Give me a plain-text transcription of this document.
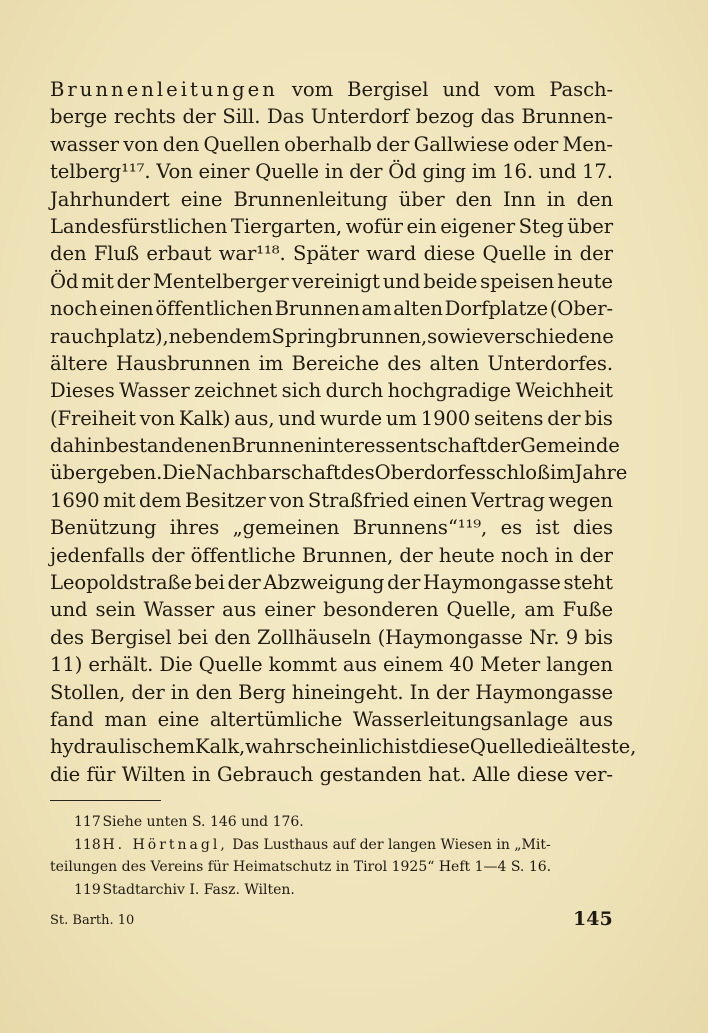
Brunnenleitungen vom Bergisel und vom Pasch-
berge rechts der Sill. Das Unterdorf bezog das Brunnen-
wasser von den Quellen oberhalb der Gallwiese oder Men-
telberg¹¹⁷. Von einer Quelle in der Öd ging im 16. und 17.
Jahrhundert eine Brunnenleitung über den Inn in den
Landesfürstlichen Tiergarten, wofür ein eigener Steg über
den Fluß erbaut war¹¹⁸. Später ward diese Quelle in der
Öd mit der Mentelberger vereinigt und beide speisen heute
noch einen öffentlichen Brunnen am alten Dorfplatze (Ober-
rauchplatz), neben dem Springbrunnen, sowie verschiedene
ältere Hausbrunnen im Bereiche des alten Unterdorfes.
Dieses Wasser zeichnet sich durch hochgradige Weichheit
(Freiheit von Kalk) aus, und wurde um 1900 seitens der bis
dahin bestandenen Brunneninteressentschaft der Gemeinde
übergeben. Die Nachbarschaft des Oberdorfes schloß im Jahre
1690 mit dem Besitzer von Straßfried einen Vertrag wegen
Benützung ihres „gemeinen Brunnens“¹¹⁹, es ist dies
jedenfalls der öffentliche Brunnen, der heute noch in der
Leopoldstraße bei der Abzweigung der Haymongasse steht
und sein Wasser aus einer besonderen Quelle, am Fuße
des Bergisel bei den Zollhäuseln (Haymongasse Nr. 9 bis
11) erhält. Die Quelle kommt aus einem 40 Meter langen
Stollen, der in den Berg hineingeht. In der Haymongasse
fand man eine altertümliche Wasserleitungsanlage aus
hydraulischem Kalk, wahrscheinlich ist diese Quelle die älteste,
die für Wilten in Gebrauch gestanden hat. Alle diese ver-
117 Siehe unten S. 146 und 176.
118 H. Hörtnagl, Das Lusthaus auf der langen Wiesen in „Mit-
teilungen des Vereins für Heimatschutz in Tirol 1925“ Heft 1—4 S. 16.
119 Stadtarchiv I. Fasz. Wilten.
St. Barth. 10	145
